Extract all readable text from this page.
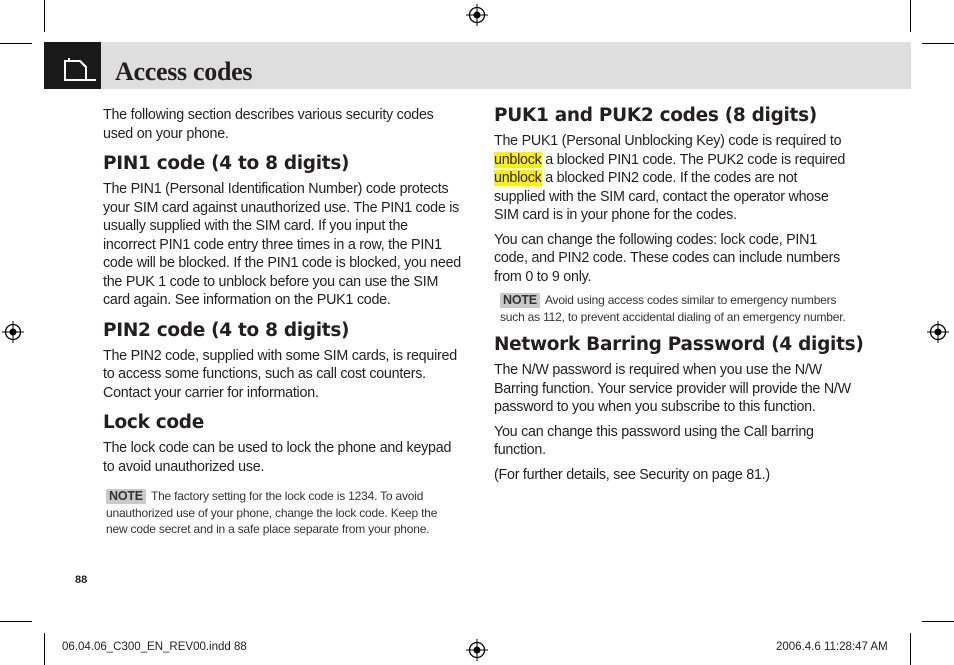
Access codes

The following section describes various security codes used on your phone.

PIN1 code (4 to 8 digits)

The PIN1 (Personal Identification Number) code protects your SIM card against unauthorized use. The PIN1 code is usually supplied with the SIM card. If you input the incorrect PIN1 code entry three times in a row, the PIN1 code will be blocked. If the PIN1 code is blocked, you need the PUK 1 code to unblock before you can use the SIM card again. See information on the PUK1 code.

PIN2 code (4 to 8 digits)

The PIN2 code, supplied with some SIM cards, is required to access some functions, such as call cost counters. Contact your carrier for information.

Lock code

The lock code can be used to lock the phone and keypad to avoid unauthorized use.

NOTE The factory setting for the lock code is 1234. To avoid unauthorized use of your phone, change the lock code. Keep the new code secret and in a safe place separate from your phone.
PUK1 and PUK2 codes (8 digits)

The PUK1 (Personal Unblocking Key) code is required to unblock a blocked PIN1 code. The PUK2 code is required unblock a blocked PIN2 code. If the codes are not supplied with the SIM card, contact the operator whose SIM card is in your phone for the codes.

You can change the following codes: lock code, PIN1 code, and PIN2 code. These codes can include numbers from 0 to 9 only.

NOTE Avoid using access codes similar to emergency numbers such as 112, to prevent accidental dialing of an emergency number.
Network Barring Password (4 digits)

The N/W password is required when you use the N/W Barring function. Your service provider will provide the N/W password to you when you subscribe to this function.

You can change this password using the Call barring function.

(For further details, see Security on page 81.)

88
06.04.06_C300_EN_REV00.indd 88	2006.4.6 11:28:47 AM
